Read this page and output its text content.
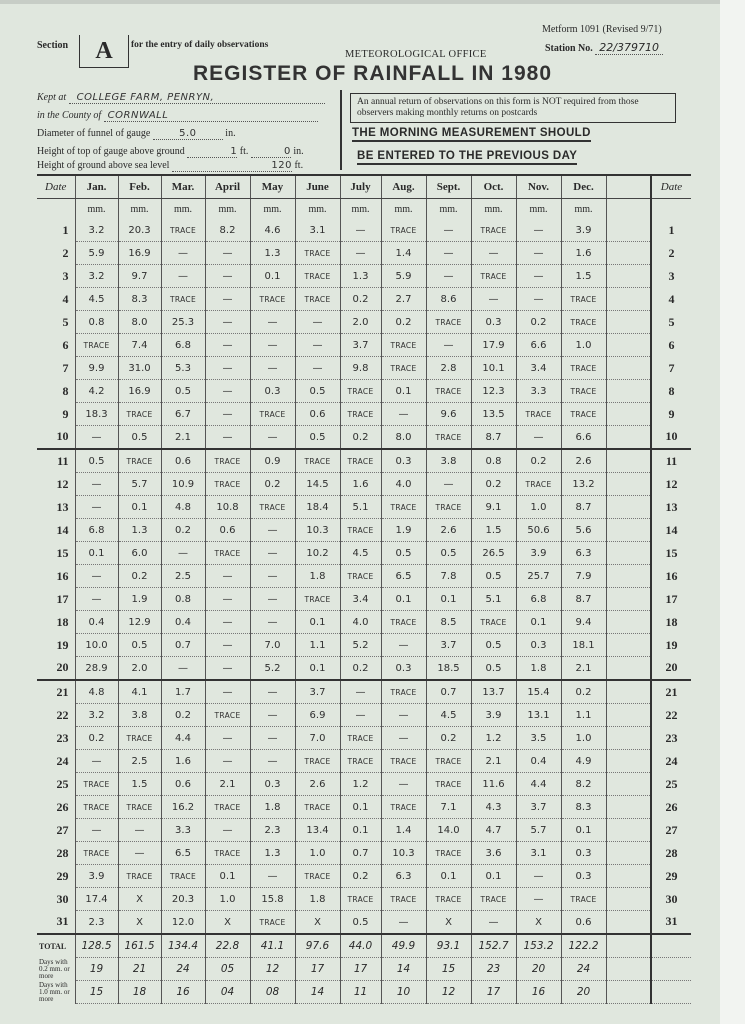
Section	A	for the entry of daily observations
Metform 1091 (Revised 9/71)
Station No. 22/379710
METEOROLOGICAL OFFICE
REGISTER OF RAINFALL IN 1980
Kept at COLLEGE FARM, PENRYN,
in the County of CORNWALL
Diameter of funnel of gauge	5.0	in.
Height of top of gauge above ground	1 ft.	0 in.
Height of ground above sea level	120 ft.
An annual return of observations on this form is NOT required from those observers making monthly returns on postcards
THE MORNING MEASUREMENT SHOULD
BE ENTERED TO THE PREVIOUS DAY
Date	Jan.	Feb.	Mar.	April	May	June	July	Aug.	Sept.	Oct.	Nov.	Dec.		Date
	mm.	mm.	mm.	mm.	mm.	mm.	mm.	mm.	mm.	mm.	mm.	mm.		
1	3.2	20.3	TRACE	8.2	4.6	3.1	—	TRACE	—	TRACE	—	3.9		1
2	5.9	16.9	—	—	1.3	TRACE	—	1.4	—	—	—	1.6		2
3	3.2	9.7	—	—	0.1	TRACE	1.3	5.9	—	TRACE	—	1.5		3
4	4.5	8.3	TRACE	—	TRACE	TRACE	0.2	2.7	8.6	—	—	TRACE		4
5	0.8	8.0	25.3	—	—	—	2.0	0.2	TRACE	0.3	0.2	TRACE		5
6	TRACE	7.4	6.8	—	—	—	3.7	TRACE	—	17.9	6.6	1.0		6
7	9.9	31.0	5.3	—	—	—	9.8	TRACE	2.8	10.1	3.4	TRACE		7
8	4.2	16.9	0.5	—	0.3	0.5	TRACE	0.1	TRACE	12.3	3.3	TRACE		8
9	18.3	TRACE	6.7	—	TRACE	0.6	TRACE	—	9.6	13.5	TRACE	TRACE		9
10	—	0.5	2.1	—	—	0.5	0.2	8.0	TRACE	8.7	—	6.6		10
11	0.5	TRACE	0.6	TRACE	0.9	TRACE	TRACE	0.3	3.8	0.8	0.2	2.6		11
12	—	5.7	10.9	TRACE	0.2	14.5	1.6	4.0	—	0.2	TRACE	13.2		12
13	—	0.1	4.8	10.8	TRACE	18.4	5.1	TRACE	TRACE	9.1	1.0	8.7		13
14	6.8	1.3	0.2	0.6	—	10.3	TRACE	1.9	2.6	1.5	50.6	5.6		14
15	0.1	6.0	—	TRACE	—	10.2	4.5	0.5	0.5	26.5	3.9	6.3		15
16	—	0.2	2.5	—	—	1.8	TRACE	6.5	7.8	0.5	25.7	7.9		16
17	—	1.9	0.8	—	—	TRACE	3.4	0.1	0.1	5.1	6.8	8.7		17
18	0.4	12.9	0.4	—	—	0.1	4.0	TRACE	8.5	TRACE	0.1	9.4		18
19	10.0	0.5	0.7	—	7.0	1.1	5.2	—	3.7	0.5	0.3	18.1		19
20	28.9	2.0	—	—	5.2	0.1	0.2	0.3	18.5	0.5	1.8	2.1		20
21	4.8	4.1	1.7	—	—	3.7	—	TRACE	0.7	13.7	15.4	0.2		21
22	3.2	3.8	0.2	TRACE	—	6.9	—	—	4.5	3.9	13.1	1.1		22
23	0.2	TRACE	4.4	—	—	7.0	TRACE	—	0.2	1.2	3.5	1.0		23
24	—	2.5	1.6	—	—	TRACE	TRACE	TRACE	TRACE	2.1	0.4	4.9		24
25	TRACE	1.5	0.6	2.1	0.3	2.6	1.2	—	TRACE	11.6	4.4	8.2		25
26	TRACE	TRACE	16.2	TRACE	1.8	TRACE	0.1	TRACE	7.1	4.3	3.7	8.3		26
27	—	—	3.3	—	2.3	13.4	0.1	1.4	14.0	4.7	5.7	0.1		27
28	TRACE	—	6.5	TRACE	1.3	1.0	0.7	10.3	TRACE	3.6	3.1	0.3		28
29	3.9	TRACE	TRACE	0.1	—	TRACE	0.2	6.3	0.1	0.1	—	0.3		29
30	17.4	X	20.3	1.0	15.8	1.8	TRACE	TRACE	TRACE	TRACE	—	TRACE		30
31	2.3	X	12.0	X	TRACE	X	0.5	—	X	—	X	0.6		31
TOTAL	128.5	161.5	134.4	22.8	41.1	97.6	44.0	49.9	93.1	152.7	153.2	122.2		
Days with 0.2 mm. or more	19	21	24	05	12	17	17	14	15	23	20	24		
Days with 1.0 mm. or more	15	18	16	04	08	14	11	10	12	17	16	20		
